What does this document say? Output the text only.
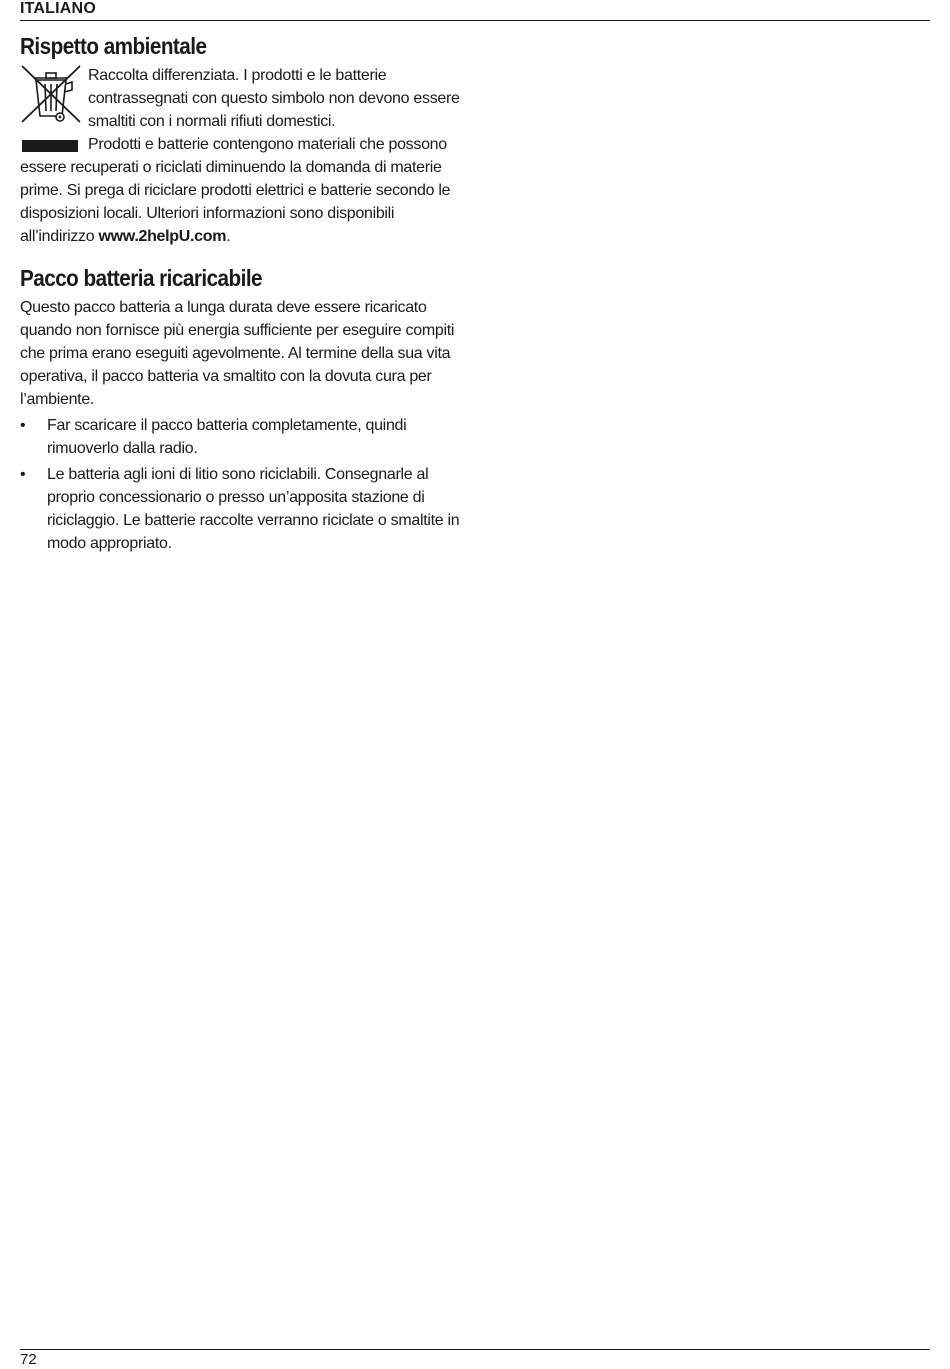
ITALIANO
Rispetto ambientale

Raccolta differenziata. I prodotti e le batterie contrassegnati con questo simbolo non devono essere smaltiti con i normali rifiuti domestici.

Prodotti e batterie contengono materiali che possono essere recuperati o riciclati diminuendo la domanda di materie prime. Si prega di riciclare prodotti elettrici e batterie secondo le disposizioni locali. Ulteriori informazioni sono disponibili all’indirizzo www.2helpU.com.

Pacco batteria ricaricabile

Questo pacco batteria a lunga durata deve essere ricaricato quando non fornisce più energia sufficiente per eseguire compiti che prima erano eseguiti agevolmente. Al termine della sua vita operativa, il pacco batteria va smaltito con la dovuta cura per l’ambiente.

• Far scaricare il pacco batteria completamente, quindi rimuoverlo dalla radio.
• Le batteria agli ioni di litio sono riciclabili. Consegnarle al proprio concessionario o presso un’apposita stazione di riciclaggio. Le batterie raccolte verranno riciclate o smaltite in modo appropriato.
72
